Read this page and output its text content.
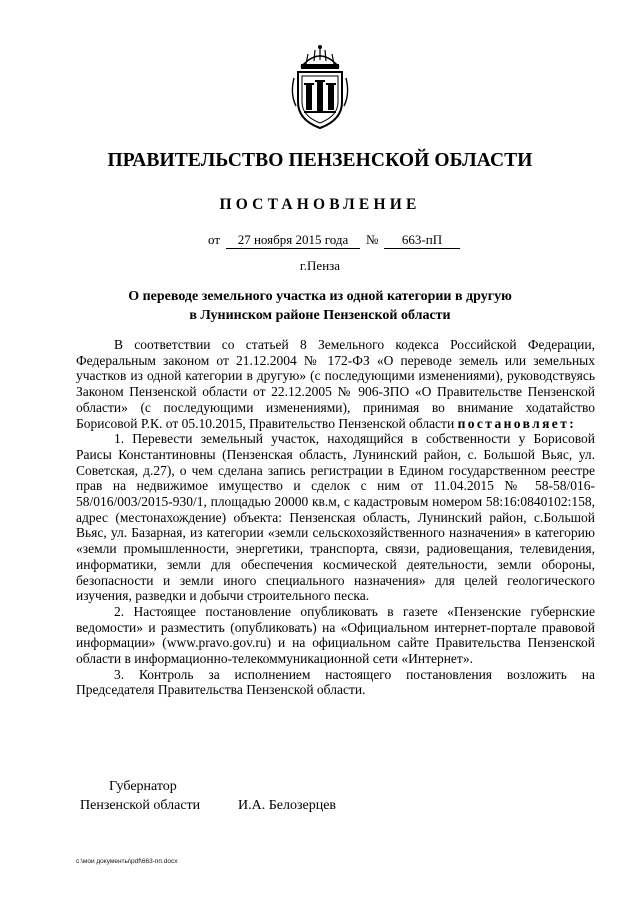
ПРАВИТЕЛЬСТВО ПЕНЗЕНСКОЙ ОБЛАСТИ
ПОСТАНОВЛЕНИЕ
от	27 ноября 2015 года	№	663-пП
г.Пенза
О переводе земельного участка из одной категории в другую
в Лунинском районе Пензенской области

В соответствии со статьей 8 Земельного кодекса Российской Федерации, Федеральным законом от 21.12.2004 № 172-ФЗ «О переводе земель или земельных участков из одной категории в другую» (с последующими изменениями), руководствуясь Законом Пензенской области от 22.12.2005 № 906-ЗПО «О Правительстве Пензенской области» (с последующими изменениями), принимая во внимание ходатайство Борисовой Р.К. от 05.10.2015, Правительство Пензенской области постановляет:

1. Перевести земельный участок, находящийся в собственности у Борисовой Раисы Константиновны (Пензенская область, Лунинский район, с. Большой Вьяс, ул. Советская, д.27), о чем сделана запись регистрации в Едином государственном реестре прав на недвижимое имущество и сделок с ним от 11.04.2015 № 58-58/016-58/016/003/2015-930/1, площадью 20000 кв.м, с кадастровым номером 58:16:0840102:158, адрес (местонахождение) объекта: Пензенская область, Лунинский район, с.Большой Вьяс, ул. Базарная, из категории «земли сельскохозяйственного назначения» в категорию «земли промышленности, энергетики, транспорта, связи, радиовещания, телевидения, информатики, земли для обеспечения космической деятельности, земли обороны, безопасности и земли иного специального назначения» для целей геологического изучения, разведки и добычи строительного песка.

2. Настоящее постановление опубликовать в газете «Пензенские губернские ведомости» и разместить (опубликовать) на «Официальном интернет-портале правовой информации» (www.pravo.gov.ru) и на официальном сайте Правительства Пензенской области в информационно-телекоммуникационной сети «Интернет».

3. Контроль за исполнением настоящего постановления возложить на Председателя Правительства Пензенской области.

Губернатор
Пензенской области	И.А. Белозерцев
c:\мои документы\pdf\663-пп.docx
